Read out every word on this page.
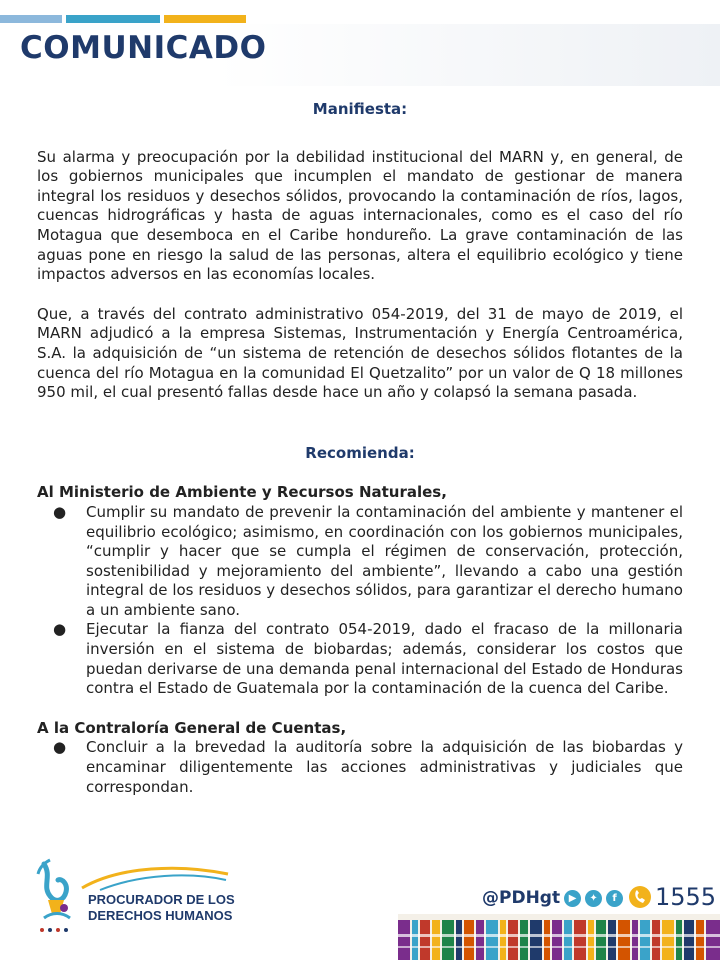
COMUNICADO

Manifiesta:

Su alarma y preocupación por la debilidad institucional del MARN y, en general, de los gobiernos municipales que incumplen el mandato de gestionar de manera integral los residuos y desechos sólidos, provocando la contaminación de ríos, lagos, cuencas hidrográficas y hasta de aguas internacionales, como es el caso del río Motagua que desemboca en el Caribe hondureño. La grave contaminación de las aguas pone en riesgo la salud de las personas, altera el equilibrio ecológico y tiene impactos adversos en las economías locales.

Que, a través del contrato administrativo 054-2019, del 31 de mayo de 2019, el MARN adjudicó a la empresa Sistemas, Instrumentación y Energía Centroamérica, S.A. la adquisición de “un sistema de retención de desechos sólidos flotantes de la cuenca del río Motagua en la comunidad El Quetzalito” por un valor de Q 18 millones 950 mil, el cual presentó fallas desde hace un año y colapsó la semana pasada.

Recomienda:

Al Ministerio de Ambiente y Recursos Naturales,

● Cumplir su mandato de prevenir la contaminación del ambiente y mantener el equilibrio ecológico; asimismo, en coordinación con los gobiernos municipales, “cumplir y hacer que se cumpla el régimen de conservación, protección, sostenibilidad y mejoramiento del ambiente”, llevando a cabo una gestión integral de los residuos y desechos sólidos, para garantizar el derecho humano a un ambiente sano.
● Ejecutar la fianza del contrato 054-2019, dado el fracaso de la millonaria inversión en el sistema de biobardas; además, considerar los costos que puedan derivarse de una demanda penal internacional del Estado de Honduras contra el Estado de Guatemala por la contaminación de la cuenca del Caribe.

A la Contraloría General de Cuentas,

● Concluir a la brevedad la auditoría sobre la adquisición de las biobardas y encaminar diligentemente las acciones administrativas y judiciales que correspondan.
PROCURADOR DE LOS
DERECHOS HUMANOS
@PDHgt ▶	✦	f 1555
